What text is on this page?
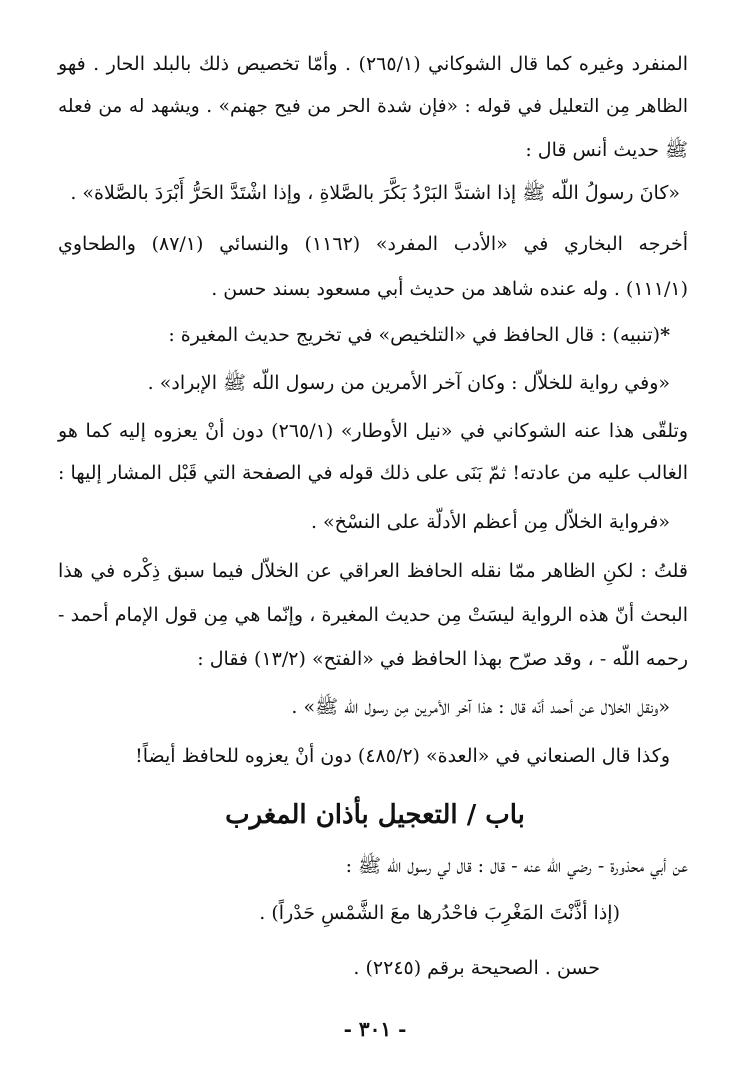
المنفرد وغيره كما قال الشوكاني (٢٦٥/١) . وأمّا تخصيص ذلك بالبلد الحار . فهو
الظاهر مِن التعليل في قوله : «فإن شدة الحر من فيح جهنم» . ويشهد له من فعله
ﷺ حديث أنس قال :
«كانَ رسولُ اللّه ﷺ إذا اشتدَّ البَرْدُ بَكَّرَ بالصَّلاةِ ، وإذا اشْتَدَّ الحَرُّ أَبْرَدَ بالصَّلاة» .
أخرجه البخاري في «الأدب المفرد» (١١٦٢) والنسائي (٨٧/١) والطحاوي
(١١١/١) . وله عنده شاهد من حديث أبي مسعود بسند حسن .
*(تنبيه) : قال الحافظ في «التلخيص» في تخريج حديث المغيرة :
«وفي رواية للخلاّل : وكان آخر الأمرين من رسول اللّه ﷺ الإبراد» .
وتلقّى هذا عنه الشوكاني في «نيل الأوطار» (٢٦٥/١) دون أنْ يعزوه إليه كما هو
الغالب عليه من عادته! ثمّ بَنَى على ذلك قوله في الصفحة التي قَبْل المشار إليها :
«فرواية الخلاّل مِن أعظم الأدلّة على النسْخ» .
قلتُ : لكنِ الظاهر ممّا نقله الحافظ العراقي عن الخلاّل فيما سبق ذِكْره في هذا
البحث أنّ هذه الرواية ليسَتْ مِن حديث المغيرة ، وإنّما هي مِن قول الإمام أحمد -
رحمه اللّه - ، وقد صرّح بهذا الحافظ في «الفتح» (١٣/٢) فقال :
«ونقل الخلال عن أحمد أنّه قال : هذا آخر الأمرين مِن رسول اللّه ﷺ» .
وكذا قال الصنعاني في «العدة» (٤٨٥/٢) دون أنْ يعزوه للحافظ أيضاً!
باب / التعجيل بأذان المغرب
عن أبي محذورة - رضي الله عنه - قال : قال لي رسول اللّه ﷺ :
(إذا أذَّنْتَ المَغْرِبَ فاحْدُرها معَ الشَّمْسِ حَدْراً) .
حسن . الصحيحة برقم (٢٢٤٥) .
- ٣٠١ -
